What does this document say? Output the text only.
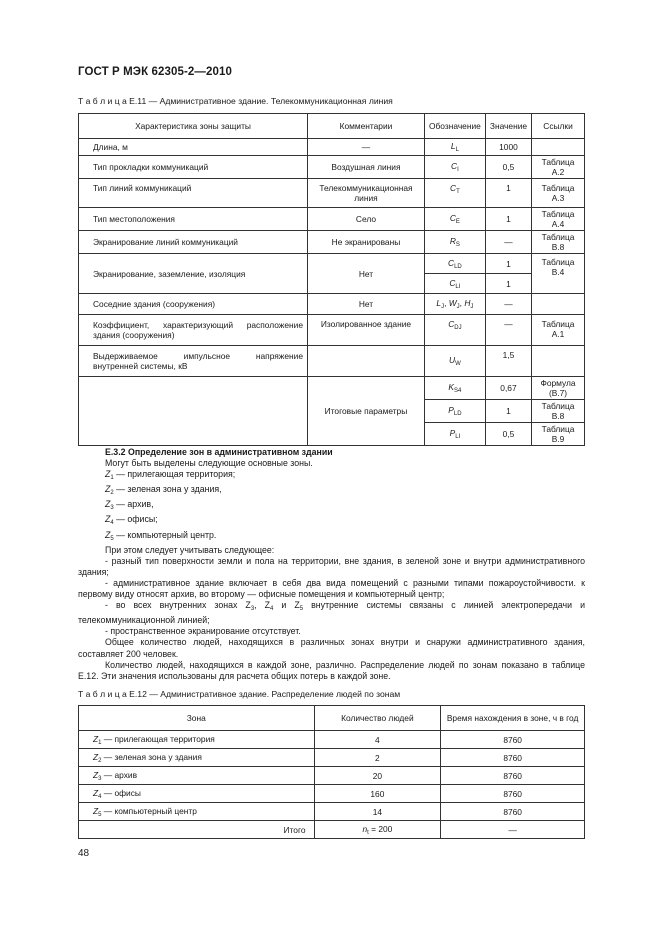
ГОСТ Р МЭК 62305-2—2010
Т а б л и ц а Е.11 — Административное здание. Телекоммуникационная линия
Характеристика зоны защиты	Комментарии	Обозначение	Значение	Ссылки
Длина, м	—	$L_L$	1000	
Тип прокладки коммуникаций	Воздушная линия	$C_I$	0,5	Таблица А.2
Тип линий коммуникаций	Телекоммуникационная линия	$C_T$	1	Таблица А.3
Тип местоположения	Село	$C_E$	1	Таблица А.4
Экранирование линий коммуникаций	Не экранированы	$R_S$	—	Таблица В.8
Экранирование, заземление, изоляция	Нет	$C_{LD}$	1	Таблица В.4
		$C_{LI}$	1	
Соседние здания (сооружения)	Нет	$L_J$, $W_J$, $H_J$	—	
Коэффициент, характеризующий расположение здания (сооружения)	Изолированное здание	$C_{DJ}$	—	Таблица А.1
Выдерживаемое импульсное напряжение внутренней системы, кВ		$U_W$	1,5	
	Итоговые параметры	$K_{S4}$	0,67	Формула (В.7)
		$P_{LD}$	1	Таблица В.8
		$P_{LI}$	0,5	Таблица В.9

Е.3.2 Определение зон в административном здании

Могут быть выделены следующие основные зоны.

$Z_1$ — прилегающая территория;

$Z_2$ — зеленая зона у здания,

$Z_3$ — архив,

$Z_4$ — офисы;

$Z_5$ — компьютерный центр.

При этом следует учитывать следующее:

- разный тип поверхности земли и пола на территории, вне здания, в зеленой зоне и внутри административного здания;

- административное здание включает в себя два вида помещений с разными типами пожароустойчивости. к первому виду относят архив, во второму — офисные помещения и компьютерный центр;

- во всех внутренних зонах $Z_3$, $Z_4$ и $Z_5$ внутренние системы связаны с линией электропередачи и телекоммуникационной линией;

- пространственное экранирование отсутствует.

Общее количество людей, находящихся в различных зонах внутри и снаружи административного здания, составляет 200 человек.

Количество людей, находящихся в каждой зоне, различно. Распределение людей по зонам показано в таблице Е.12. Эти значения использованы для расчета общих потерь в каждой зоне.

Т а б л и ц а Е.12 — Административное здание. Распределение людей по зонам
Зона	Количество людей	Время нахождения в зоне, ч в год
$Z_1$ — прилегающая территория	4	8760
$Z_2$ — зеленая зона у здания	2	8760
$Z_3$ — архив	20	8760
$Z_4$ — офисы	160	8760
$Z_5$ — компьютерный центр	14	8760
Итого	$n_t = 200$	—
48
